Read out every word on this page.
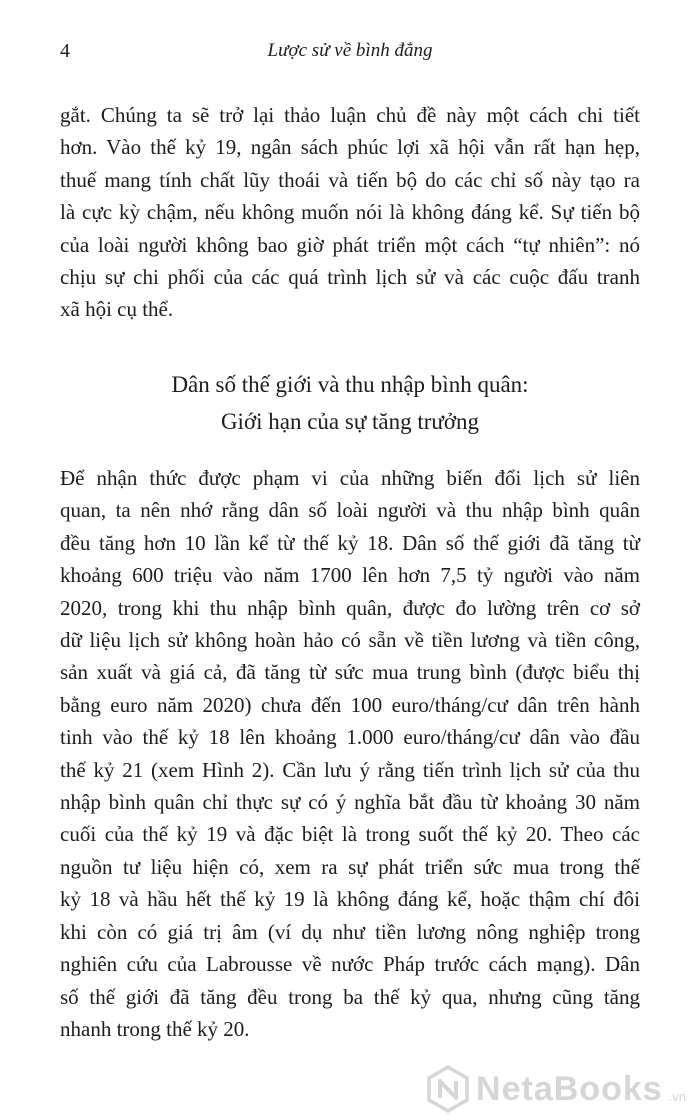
4	Lược sử về bình đẳng
gắt. Chúng ta sẽ trở lại thảo luận chủ đề này một cách chi tiết
hơn. Vào thế kỷ 19, ngân sách phúc lợi xã hội vẫn rất hạn hẹp,
thuế mang tính chất lũy thoái và tiến bộ do các chỉ số này tạo ra
là cực kỳ chậm, nếu không muốn nói là không đáng kể. Sự tiến bộ
của loài người không bao giờ phát triển một cách “tự nhiên”: nó
chịu sự chi phối của các quá trình lịch sử và các cuộc đấu tranh
xã hội cụ thể.
Dân số thế giới và thu nhập bình quân:
Giới hạn của sự tăng trưởng
Để nhận thức được phạm vi của những biến đổi lịch sử liên
quan, ta nên nhớ rằng dân số loài người và thu nhập bình quân
đều tăng hơn 10 lần kể từ thế kỷ 18. Dân số thế giới đã tăng từ
khoảng 600 triệu vào năm 1700 lên hơn 7,5 tỷ người vào năm
2020, trong khi thu nhập bình quân, được đo lường trên cơ sở
dữ liệu lịch sử không hoàn hảo có sẵn về tiền lương và tiền công,
sản xuất và giá cả, đã tăng từ sức mua trung bình (được biểu thị
bằng euro năm 2020) chưa đến 100 euro/tháng/cư dân trên hành
tinh vào thế kỷ 18 lên khoảng 1.000 euro/tháng/cư dân vào đầu
thế kỷ 21 (xem Hình 2). Cần lưu ý rằng tiến trình lịch sử của thu
nhập bình quân chỉ thực sự có ý nghĩa bắt đầu từ khoảng 30 năm
cuối của thế kỷ 19 và đặc biệt là trong suốt thế kỷ 20. Theo các
nguồn tư liệu hiện có, xem ra sự phát triển sức mua trong thế
kỷ 18 và hầu hết thế kỷ 19 là không đáng kể, hoặc thậm chí đôi
khi còn có giá trị âm (ví dụ như tiền lương nông nghiệp trong
nghiên cứu của Labrousse về nước Pháp trước cách mạng). Dân
số thế giới đã tăng đều trong ba thế kỷ qua, nhưng cũng tăng
nhanh trong thế kỷ 20.
NetaBooks .vn
